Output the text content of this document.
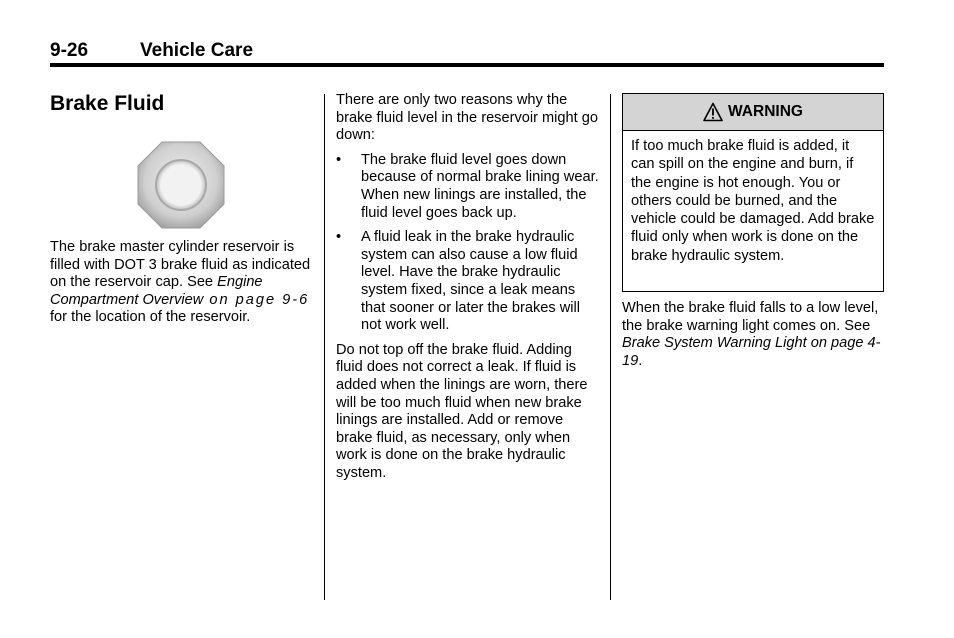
9-26	Vehicle Care
Brake Fluid
The brake master cylinder reservoir is filled with DOT 3 brake fluid as indicated on the reservoir cap. See Engine Compartment Overview on page 9-6 for the location of the reservoir.

There are only two reasons why the brake fluid level in the reservoir might go down:

• The brake fluid level goes down because of normal brake lining wear. When new linings are installed, the fluid level goes back up.
• A fluid leak in the brake hydraulic system can also cause a low fluid level. Have the brake hydraulic system fixed, since a leak means that sooner or later the brakes will not work well.

Do not top off the brake fluid. Adding fluid does not correct a leak. If fluid is added when the linings are worn, there will be too much fluid when new brake linings are installed. Add or remove brake fluid, as necessary, only when work is done on the brake hydraulic system.

WARNING
If too much brake fluid is added, it can spill on the engine and burn, if the engine is hot enough. You or others could be burned, and the vehicle could be damaged. Add brake fluid only when work is done on the brake hydraulic system.
When the brake fluid falls to a low level, the brake warning light comes on. See Brake System Warning Light on page 4-19.
